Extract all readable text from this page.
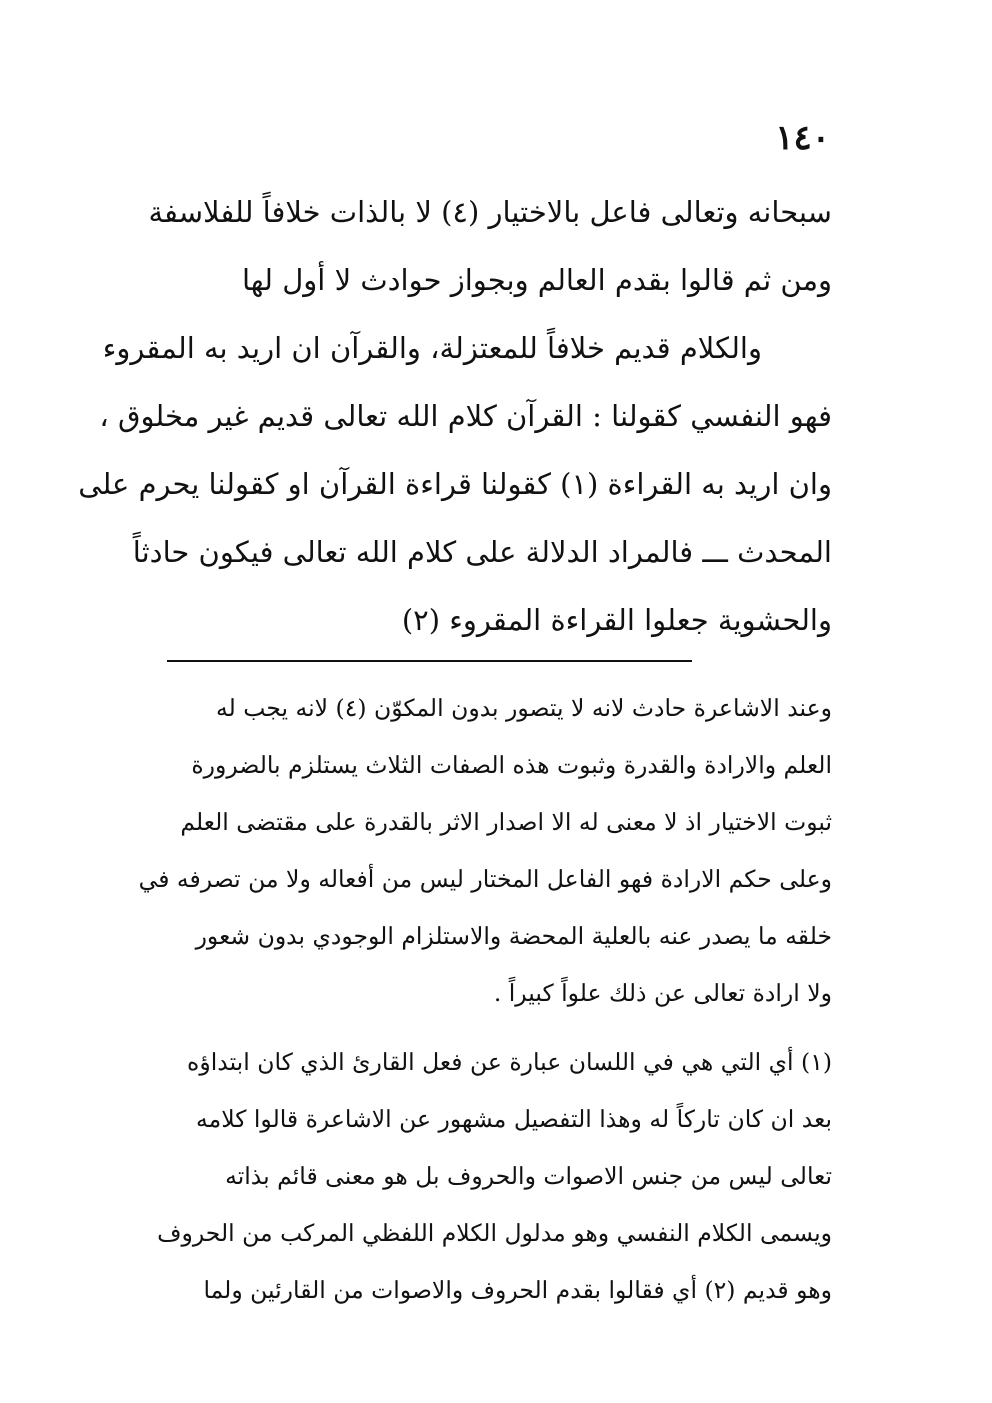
١٤٠
سبحانه وتعالى فاعل بالاختيار (٤) لا بالذات خلافاً للفلاسفة
ومن ثم قالوا بقدم العالم وبجواز حوادث لا أول لها
والكلام قديم خلافاً للمعتزلة، والقرآن ان اريد به المقروء
فهو النفسي كقولنا : القرآن كلام الله تعالى قديم غير مخلوق ،
وان اريد به القراءة (١) كقولنا قراءة القرآن او كقولنا يحرم على
المحدث ـــ فالمراد الدلالة على كلام الله تعالى فيكون حادثاً
والحشوية جعلوا القراءة المقروء (٢)
وعند الاشاعرة حادث لانه لا يتصور بدون المكوّن (٤) لانه يجب له
العلم والارادة والقدرة وثبوت هذه الصفات الثلاث يستلزم بالضرورة
ثبوت الاختيار اذ لا معنى له الا اصدار الاثر بالقدرة على مقتضى العلم
وعلى حكم الارادة فهو الفاعل المختار ليس من أفعاله ولا من تصرفه في
خلقه ما يصدر عنه بالعلية المحضة والاستلزام الوجودي بدون شعور
ولا ارادة تعالى عن ذلك علواً كبيراً .
(١) أي التي هي في اللسان عبارة عن فعل القارئ الذي كان ابتداؤه
بعد ان كان تاركاً له وهذا التفصيل مشهور عن الاشاعرة قالوا كلامه
تعالى ليس من جنس الاصوات والحروف بل هو معنى قائم بذاته
ويسمى الكلام النفسي وهو مدلول الكلام اللفظي المركب من الحروف
وهو قديم (٢) أي فقالوا بقدم الحروف والاصوات من القارئين ولما
